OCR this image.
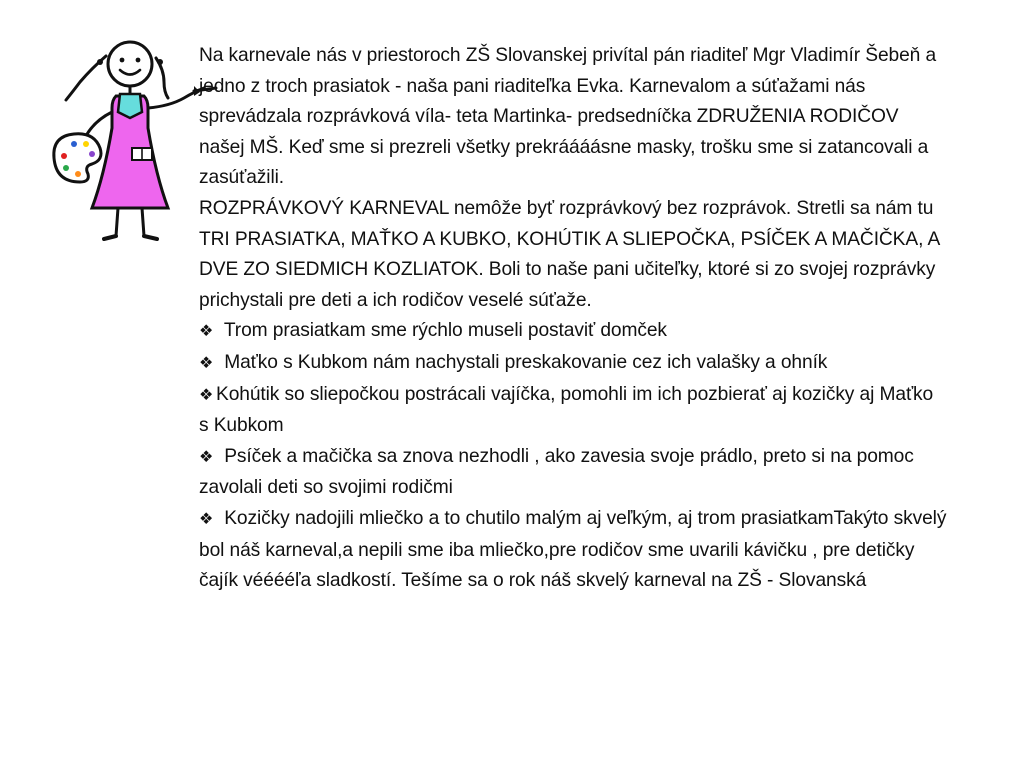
Na karnevale nás v priestoroch ZŠ Slovanskej privítal pán riaditeľ Mgr Vladimír Šebeň a jedno z troch prasiatok - naša pani riaditeľka Evka. Karnevalom a súťažami nás sprevádzala rozprávková víla- teta Martinka- predsedníčka ZDRUŽENIA RODIČOV našej MŠ. Keď sme si prezreli všetky prekráááásne masky, trošku sme si zatancovali a zasúťažili.

ROZPRÁVKOVÝ KARNEVAL nemôže byť rozprávkový bez rozprávok. Stretli sa nám tu TRI PRASIATKA, MAŤKO A KUBKO, KOHÚTIK A SLIEPOČKA, PSÍČEK A MAČIČKA, A DVE ZO SIEDMICH KOZLIATOK. Boli to naše pani učiteľky, ktoré si zo svojej rozprávky prichystali pre deti a ich rodičov veselé súťaže.

❖ Trom prasiatkam sme rýchlo museli postaviť domček

❖ Maťko s Kubkom nám nachystali preskakovanie cez ich valašky a ohník

❖ Kohútik so sliepočkou postrácali vajíčka, pomohli im ich pozbierať aj kozičky aj Maťko s Kubkom

❖ Psíček a mačička sa znova nezhodli , ako zavesia svoje prádlo, preto si na pomoc zavolali deti so svojimi rodičmi

❖ Kozičky nadojili mliečko a to chutilo malým aj veľkým, aj trom prasiatkamTakýto skvelý bol náš karneval,a nepili sme iba mliečko,pre rodičov sme uvarili kávičku , pre detičky čajík vééééľa sladkostí. Tešíme sa o rok náš skvelý karneval na ZŠ - Slovanská
